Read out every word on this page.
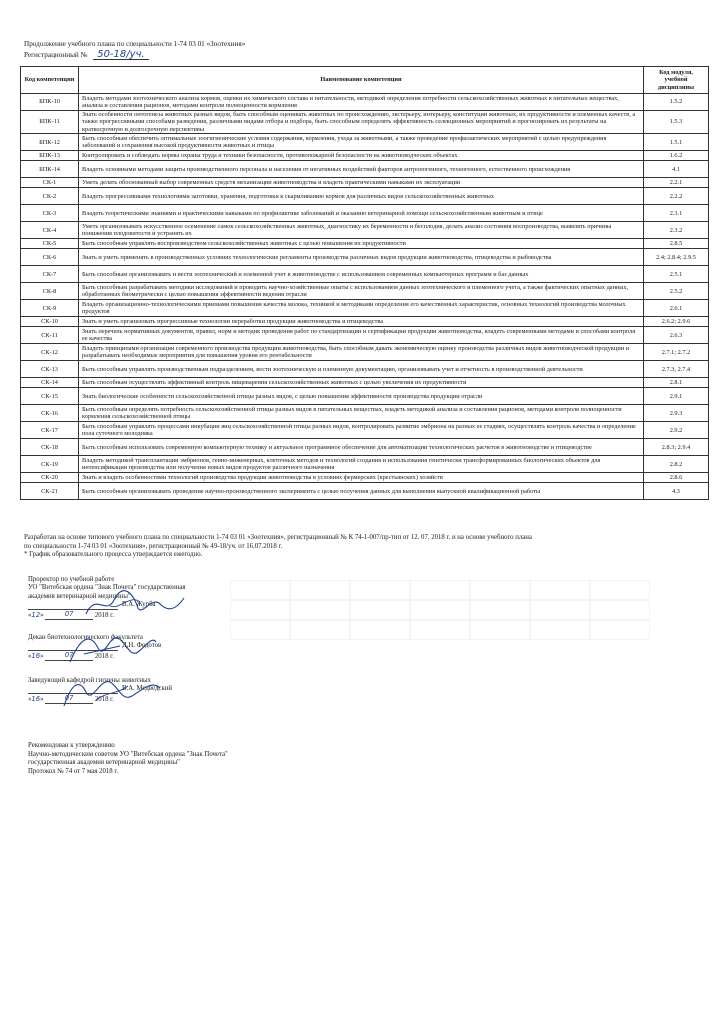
Продолжение учебного плана по специальности 1-74 03 01 «Зоотехния»
Регистрационный № 50-18/уч.
Код компетенции	Наименование компетенции	Код модуля, учебной дисциплины
БПК-10	Владеть методами зоотехнического анализа кормов, оценки их химического состава и питательности, методикой определения потребности сельскохозяйственных животных в питательных веществах, анализа и составления рационов, методами контроля полноценности кормления	1.5.2
БПК-11	Знать особенности онтогенеза животных разных видов, быть способным оценивать животных по происхождению, экстерьеру, интерьеру, конституции животных, их продуктивности и племенных качеств, а также прогрессивными способами разведения, различными видами отбора и подбора, быть способным определять эффективность селекционных мероприятий и прогнозировать их результаты на краткосрочную и долгосрочную перспективы	1.5.3
БПК-12	Быть способным обеспечить оптимальные зоогигиенические условия содержания, кормления, ухода за животными, а также проведение профилактических мероприятий с целью предупреждения заболеваний и сохранения высокой продуктивности животных и птицы	1.5.1
БПК-13	Контролировать и соблюдать нормы охраны труда и техники безопасности, противопожарной безопасности на животноводческих объектах	1.6.2
БПК-14	Владеть основными методами защиты производственного персонала и населения от негативных воздействий факторов антропогенного, техногенного, естественного происхождения	4.1
СК-1	Уметь делать обоснованный выбор современных средств механизации животноводства и владеть практическими навыками их эксплуатации	2.2.1
СК-2	Владеть прогрессивными технологиями заготовки, хранения, подготовки к скармливанию кормов для различных видов сельскохозяйственных животных	2.2.2
СК-3	Владеть теоретическими знаниями и практическими навыками по профилактике заболеваний и оказанию ветеринарной помощи сельскохозяйственным животным и птице	2.3.1
СК-4	Уметь организовывать искусственное осеменение самок сельскохозяйственных животных, диагностику их беременности и бесплодия, делать анализ состояния воспроизводства, выявлять причины понижения плодовитости и устранять их	2.3.2
СК-5	Быть способным управлять воспроизводством сельскохозяйственных животных с целью повышения их продуктивности	2.8.5
СК-6	Знать и уметь применять в производственных условиях технологические регламенты производства различных видов продукции животноводства, птицеводства и рыбоводства	2.4; 2.8.4; 2.9.5
СК-7	Быть способным организовывать и вести зоотехнический и племенной учет в животноводстве с использованием современных компьютерных программ и баз данных	2.5.1
СК-8	Быть способным разрабатывать методики исследований и проводить научно-хозяйственные опыты с использованием данных зоотехнического и племенного учета, а также фактических опытных данных, обработанных биометрически с целью повышения эффективности ведения отрасли	2.5.2
СК-9	Владеть организационно-технологическими приемами повышения качества молока, техникой и методиками определения его качественных характеристик, основных технологий производства молочных продуктов	2.6.1
СК-10	Знать и уметь организовать прогрессивные технологии переработки продукции животноводства и птицеводства	2.6.2; 2.9.6
СК-11	Знать перечень нормативных документов, правил, норм и методик проведения работ по стандартизации и сертификации продукции животноводства, владеть современными методами и способами контроля ее качества	2.6.3
СК-12	Владеть принципами организации современного производства продукции животноводства, быть способным давать экономическую оценку производства различных видов животноводческой продукции и разрабатывать необходимые мероприятия для повышения уровня его рентабельности	2.7.1; 2.7.2
СК-13	Быть способным управлять производственным подразделением, вести зоотехническую и племенную документацию, организовывать учет и отчетность в производственной деятельности	2.7.3, 2.7.4
СК-14	Быть способным осуществлять эффективный контроль пищеварения сельскохозяйственных животных с целью увеличения их продуктивности	2.8.1
СК-15	Знать биологические особенности сельскохозяйственной птицы разных видов, с целью повышения эффективности производства продукции отрасли	2.9.1
СК-16	Быть способным определять потребность сельскохозяйственной птицы разных видов в питательных веществах, владеть методикой анализа и составления рационов, методами контроля полноценности кормления сельскохозяйственной птицы	2.9.3
СК-17	Быть способным управлять процессами инкубации яиц сельскохозяйственной птицы разных видов, контролировать развитие эмбриона на разных ее стадиях, осуществлять контроль качества и определение пола суточного молодняка	2.9.2
СК-18	Быть способным использовать современную компьютерную технику и актуальное программное обеспечение для автоматизации технологических расчетов в животноводстве и птицеводстве	2.8.3; 2.9.4
СК-19	Владеть методикой трансплантации эмбрионов, генно-инженерных, клеточных методов и технологий создания и использования генетически трансформированных биологических объектов для интенсификации производства или получения новых видов продуктов различного назначения	2.8.2
СК-20	Знать и владеть особенностями технологий производства продукции животноводства в условиях фермерских (крестьянских) хозяйств	2.8.6
СК-21	Быть способным организовывать проведение научно-производственного эксперимента с целью получения данных для выполнения выпускной квалификационной работы	4.3
Разработан на основе типового учебного плана по специальности 1-74 03 01 «Зоотехния», регистрационный № К 74-1-007/пр-тип от 12. 07. 2018 г. и на основе учебного плана
по специальности 1-74 03 01 «Зоотехния», регистрационный № 49-18/уч. от 16.07.2018 г.
* График образовательного процесса утверждается ежегодно.
Проректор по учебной работе
УО "Витебская ордена "Знак Почета" государственная
академия ветеринарной медицины"
В.А. Журба
«12»	07	2018 г.
Декан биотехнологического факультета
Д.Н. Федотов
«16»	07	2018 г.
Заведующий кафедрой гигиены животных
В.А. Медведский
«16»	07	2018 г.
Рекомендован к утверждению
Научно-методическим советом УО "Витебская ордена "Знак Почета"
государственная академия ветеринарной медицины"
Протокол № 74 от 7 мая 2018 г.
